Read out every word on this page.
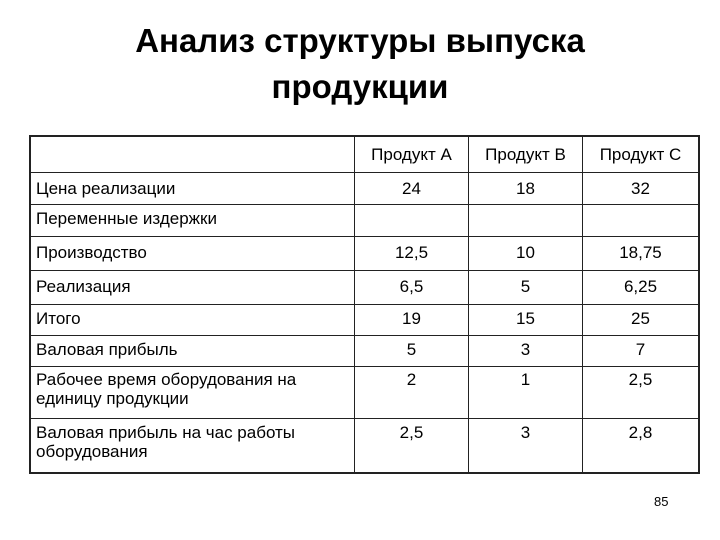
Анализ структуры выпуска
продукции
	Продукт А	Продукт В	Продукт С
Цена реализации	24	18	32
Переменные издержки			
Производство	12,5	10	18,75
Реализация	6,5	5	6,25
Итого	19	15	25
Валовая прибыль	5	3	7
Рабочее время оборудования на единицу продукции	2	1	2,5
Валовая прибыль на час работы оборудования	2,5	3	2,8
85
